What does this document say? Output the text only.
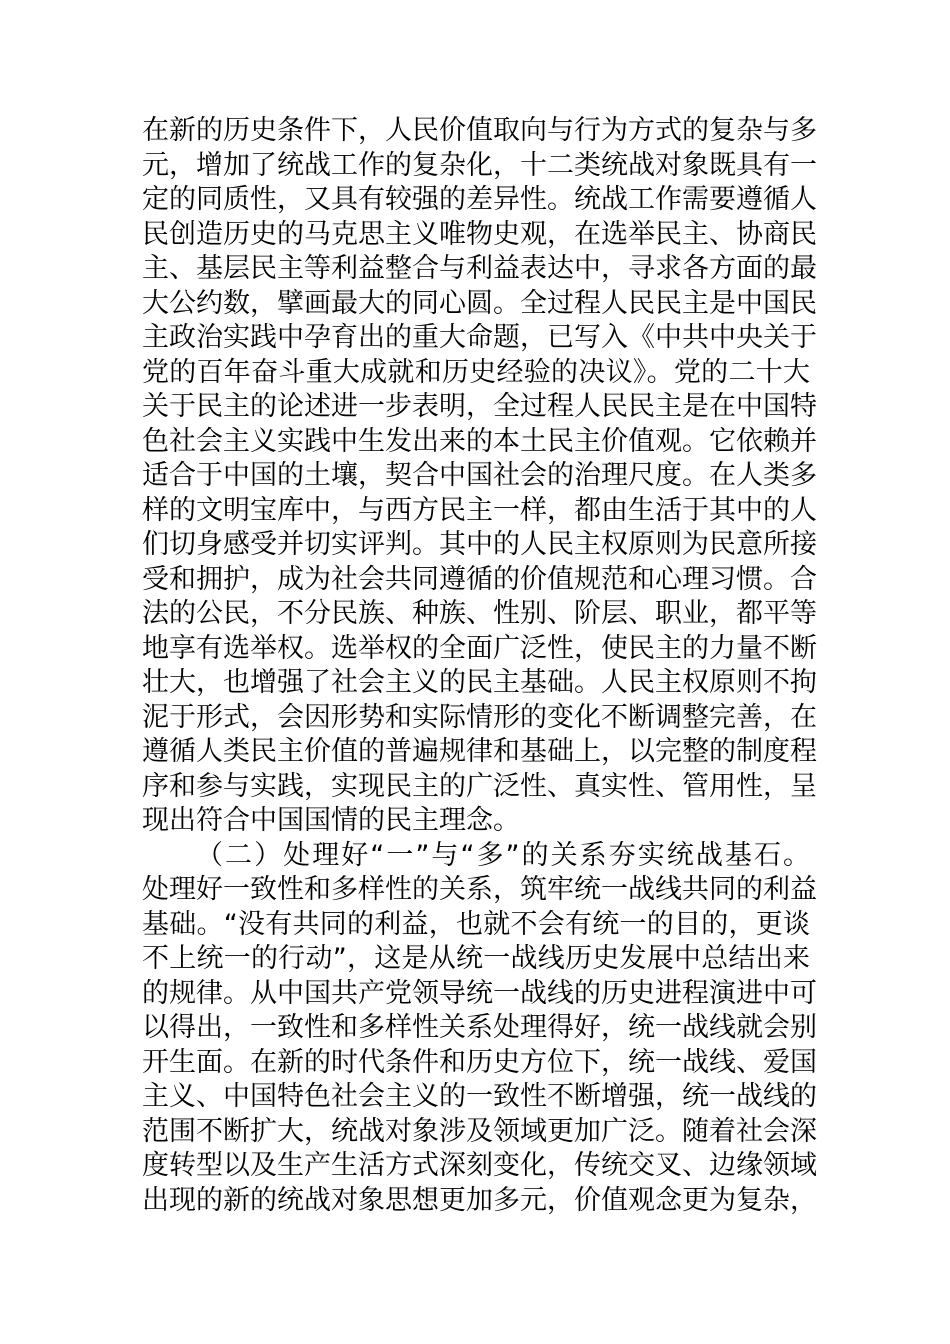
在新的历史条件下，人民价值取向与行为方式的复杂与多
元，增加了统战工作的复杂化，十二类统战对象既具有一
定的同质性，又具有较强的差异性。统战工作需要遵循人
民创造历史的马克思主义唯物史观，在选举民主、协商民
主、基层民主等利益整合与利益表达中，寻求各方面的最
大公约数，擘画最大的同心圆。全过程人民民主是中国民
主政治实践中孕育出的重大命题，已写入《中共中央关于
党的百年奋斗重大成就和历史经验的决议》。党的二十大
关于民主的论述进一步表明，全过程人民民主是在中国特
色社会主义实践中生发出来的本土民主价值观。它依赖并
适合于中国的土壤，契合中国社会的治理尺度。在人类多
样的文明宝库中，与西方民主一样，都由生活于其中的人
们切身感受并切实评判。其中的人民主权原则为民意所接
受和拥护，成为社会共同遵循的价值规范和心理习惯。合
法的公民，不分民族、种族、性别、阶层、职业，都平等
地享有选举权。选举权的全面广泛性，使民主的力量不断
壮大，也增强了社会主义的民主基础。人民主权原则不拘
泥于形式，会因形势和实际情形的变化不断调整完善，在
遵循人类民主价值的普遍规律和基础上，以完整的制度程
序和参与实践，实现民主的广泛性、真实性、管用性，呈
现出符合中国国情的民主理念。
（二）处理好“一”与“多”的关系夯实统战基石。
处理好一致性和多样性的关系，筑牢统一战线共同的利益
基础。“没有共同的利益，也就不会有统一的目的，更谈
不上统一的行动”，这是从统一战线历史发展中总结出来
的规律。从中国共产党领导统一战线的历史进程演进中可
以得出，一致性和多样性关系处理得好，统一战线就会别
开生面。在新的时代条件和历史方位下，统一战线、爱国
主义、中国特色社会主义的一致性不断增强，统一战线的
范围不断扩大，统战对象涉及领域更加广泛。随着社会深
度转型以及生产生活方式深刻变化，传统交叉、边缘领域
出现的新的统战对象思想更加多元，价值观念更为复杂，
